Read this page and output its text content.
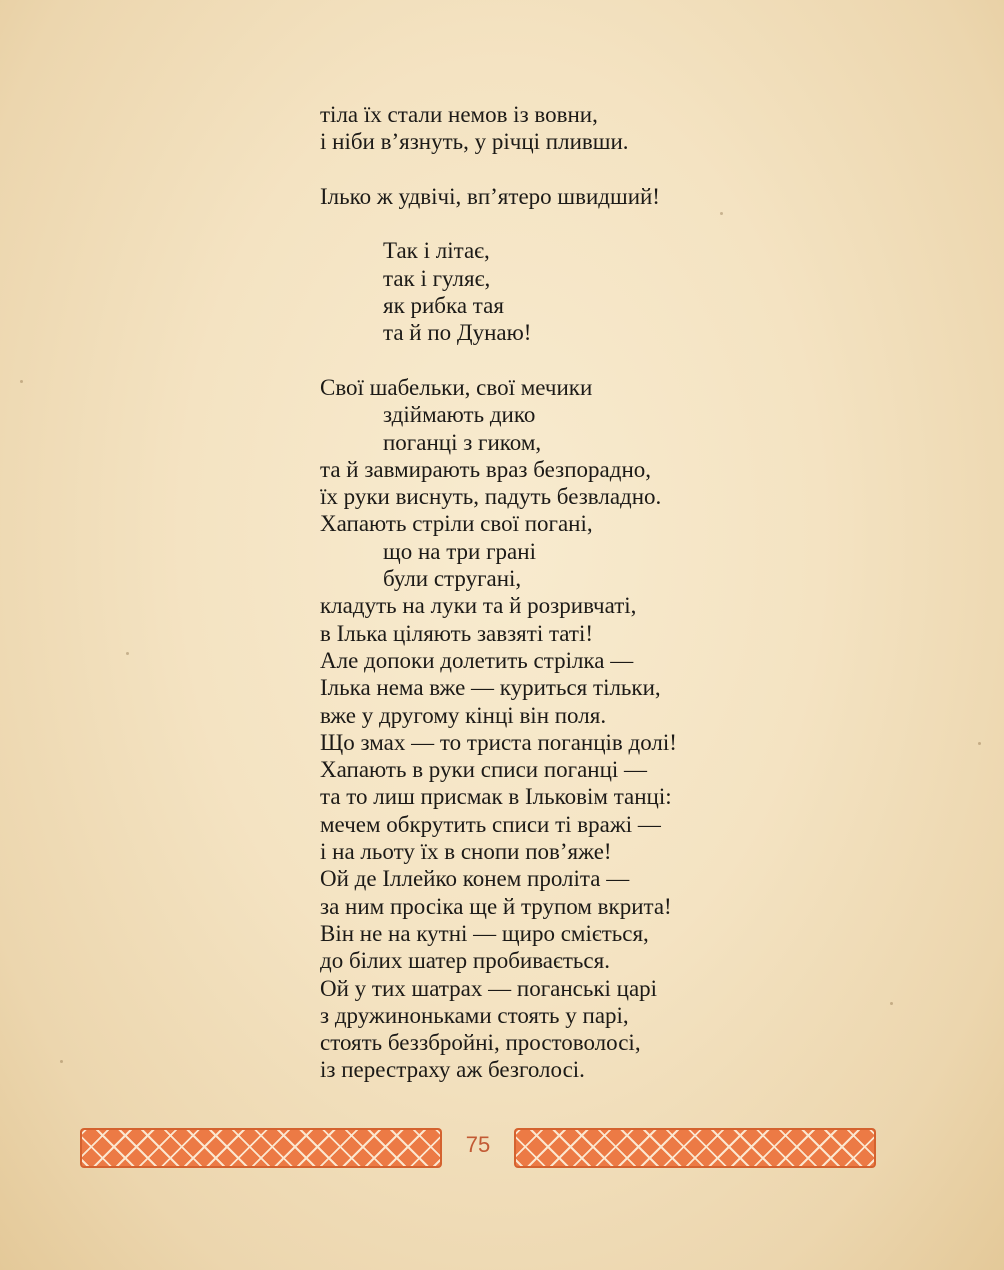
тіла їх стали немов із вовни,
і ніби в’язнуть, у річці пливши.
Ілько ж удвічі, вп’ятеро швидший!
Так і літає,
так і гуляє,
як рибка тая
та й по Дунаю!
Свої шабельки, свої мечики
здіймають дико
поганці з гиком,
та й завмирають враз безпорадно,
їх руки виснуть, падуть безвладно.
Хапають стріли свої погані,
що на три грані
були стругані,
кладуть на луки та й розривчаті,
в Ілька ціляють завзяті таті!
Але допоки долетить стрілка —
Ілька нема вже — куриться тільки,
вже у другому кінці він поля.
Що змах — то триста поганців долі!
Хапають в руки списи поганці —
та то лиш присмак в Ільковім танці:
мечем обкрутить списи ті вражі —
і на льоту їх в снопи пов’яже!
Ой де Іллейко конем проліта —
за ним просіка ще й трупом вкрита!
Він не на кутні — щиро сміється,
до білих шатер пробивається.
Ой у тих шатрах — поганські царі
з дружиноньками стоять у парі,
стоять беззбройні, простоволосі,
із перестраху аж безголосі.
75
